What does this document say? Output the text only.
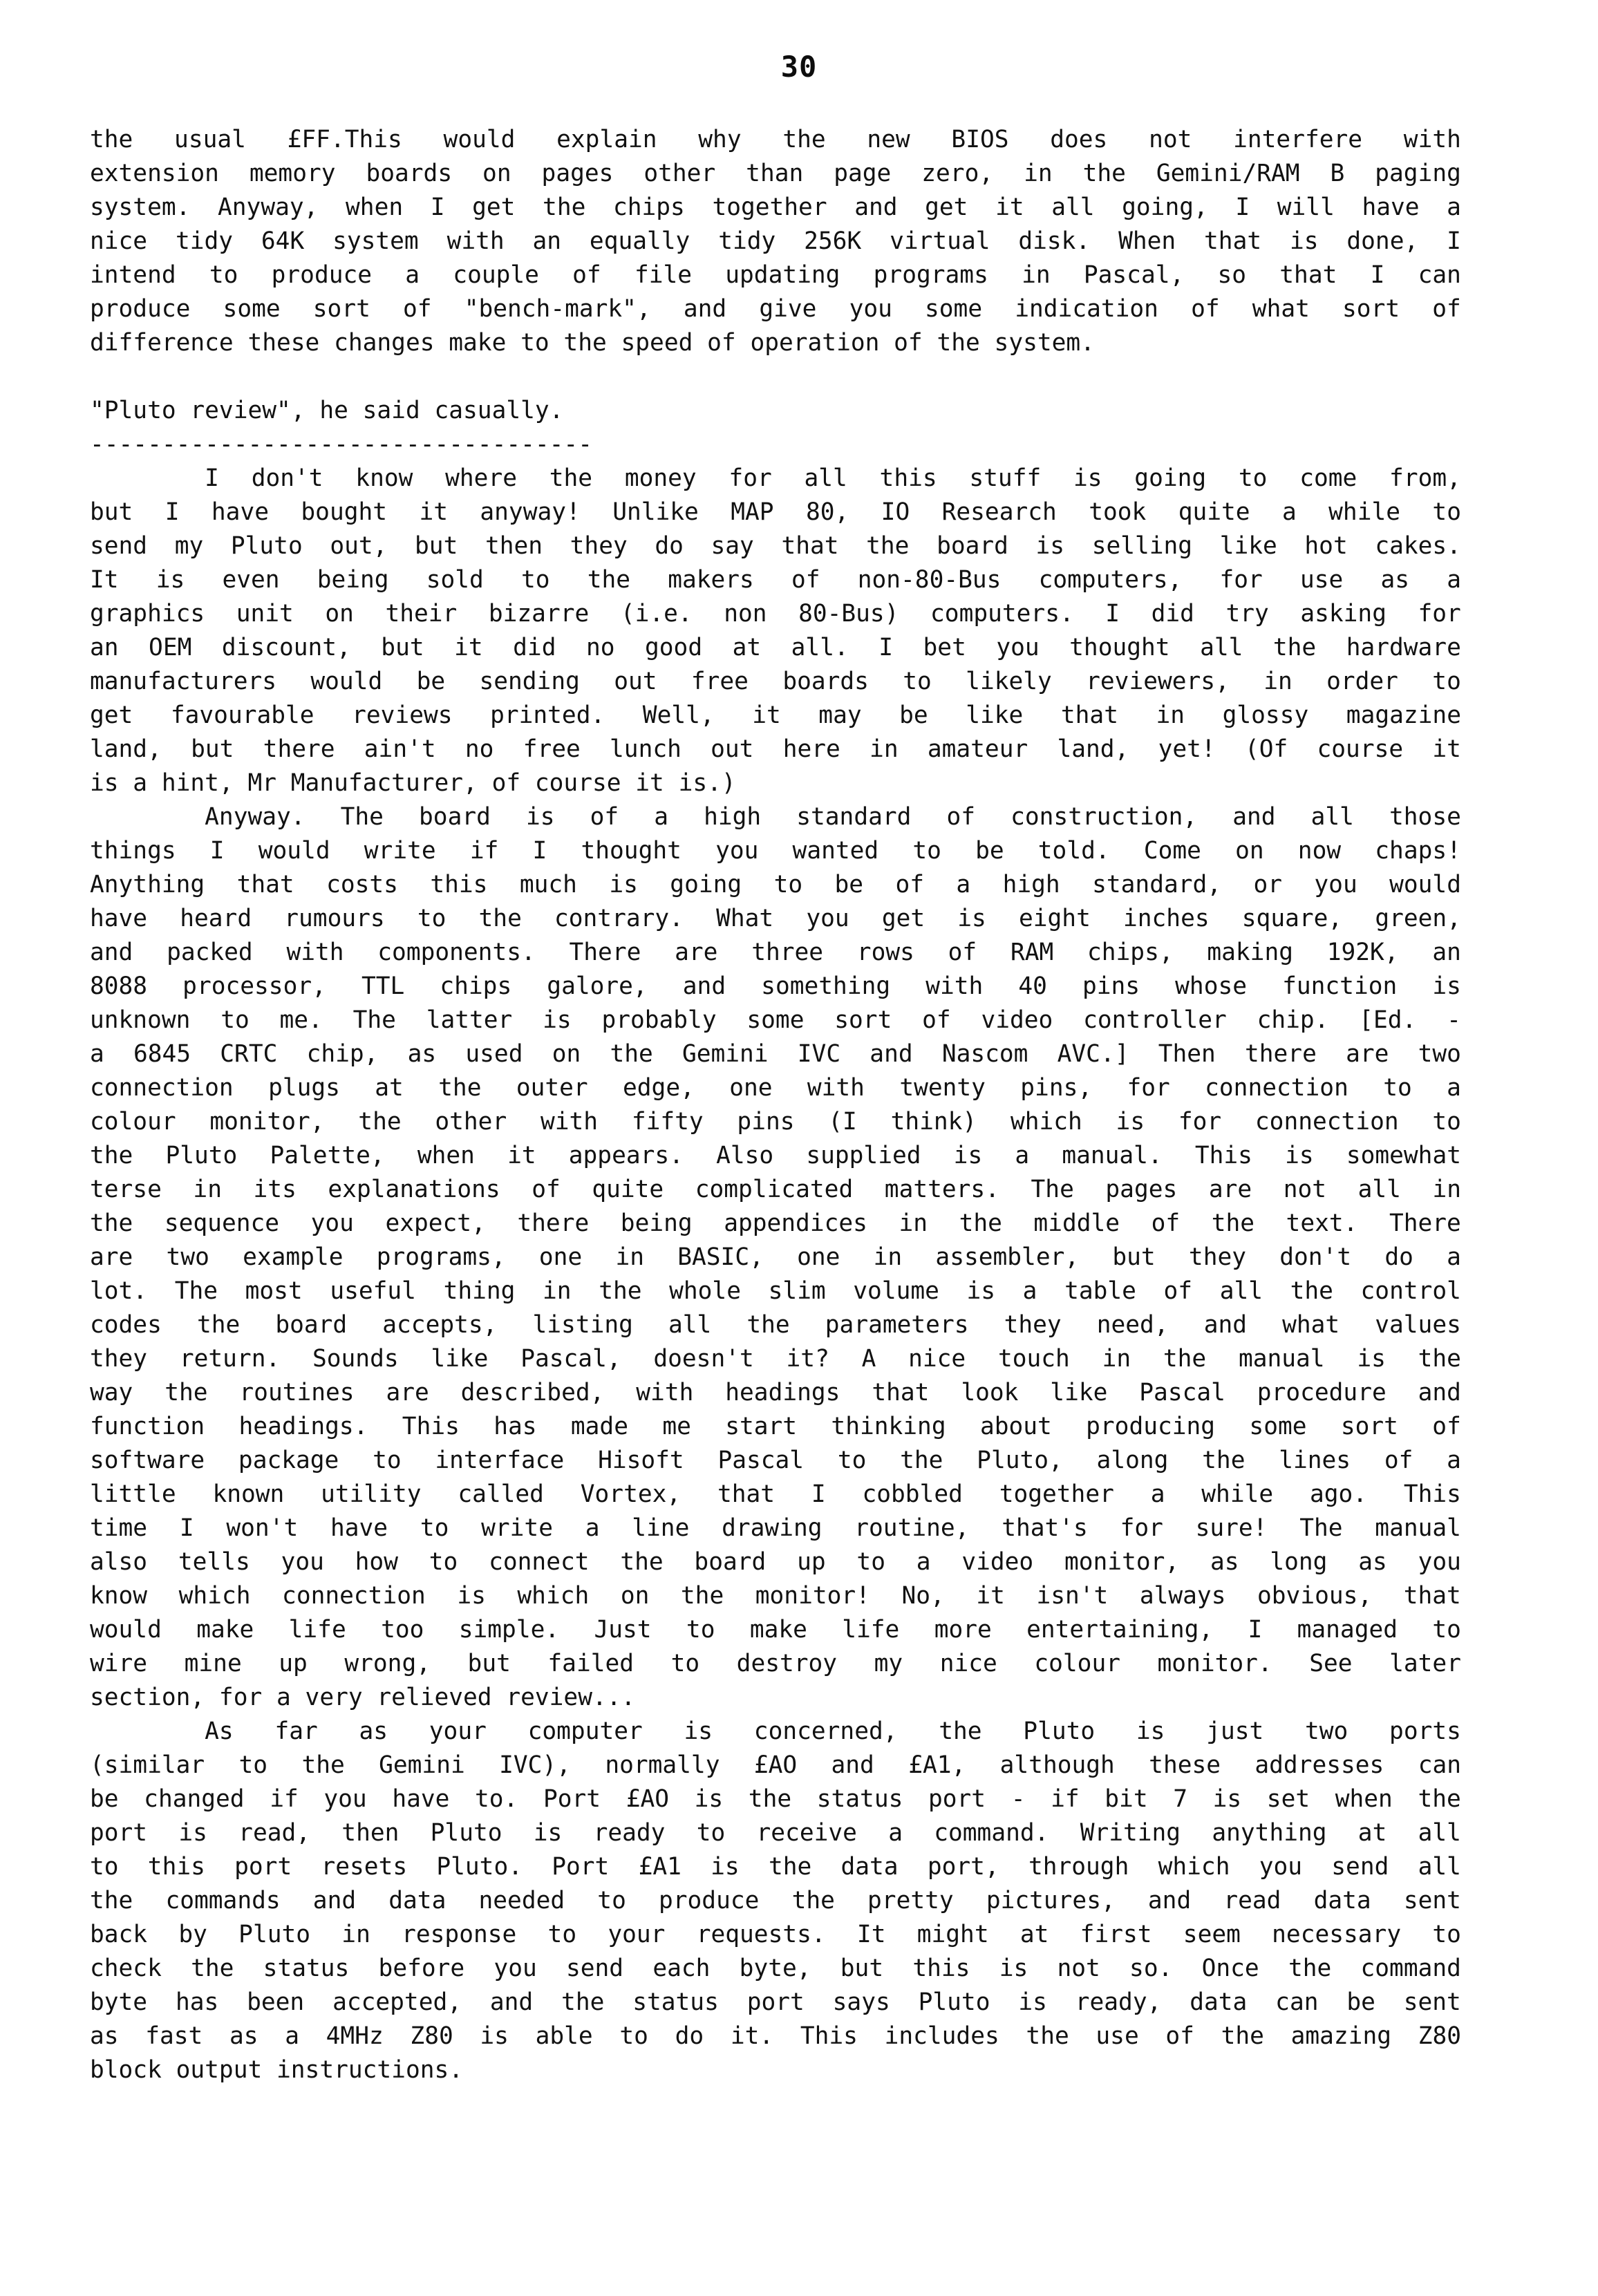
30
the usual £FF.This would explain why the new BIOS does not interfere with
extension memory boards on pages other than page zero, in the Gemini/RAM B paging
system. Anyway, when I get the chips together and get it all going, I will have a
nice tidy 64K system with an equally tidy 256K virtual disk. When that is done, I
intend to produce a couple of file updating programs in Pascal, so that I can
produce some sort of "bench-mark", and give you some indication of what sort of
difference these changes make to the speed of operation of the system.
"Pluto review", he said casually.
-----------------------------------
I don't know where the money for all this stuff is going to come from,
but I have bought it anyway! Unlike MAP 80, IO Research took quite a while to
send my Pluto out, but then they do say that the board is selling like hot cakes.
It is even being sold to the makers of non-80-Bus computers, for use as a
graphics unit on their bizarre (i.e. non 80-Bus) computers. I did try asking for
an OEM discount, but it did no good at all. I bet you thought all the hardware
manufacturers would be sending out free boards to likely reviewers, in order to
get favourable reviews printed. Well, it may be like that in glossy magazine
land, but there ain't no free lunch out here in amateur land, yet! (Of course it
is a hint, Mr Manufacturer, of course it is.)
Anyway. The board is of a high standard of construction, and all those
things I would write if I thought you wanted to be told. Come on now chaps!
Anything that costs this much is going to be of a high standard, or you would
have heard rumours to the contrary. What you get is eight inches square, green,
and packed with components. There are three rows of RAM chips, making 192K, an
8088 processor, TTL chips galore, and something with 40 pins whose function is
unknown to me. The latter is probably some sort of video controller chip. [Ed. -
a 6845 CRTC chip, as used on the Gemini IVC and Nascom AVC.] Then there are two
connection plugs at the outer edge, one with twenty pins, for connection to a
colour monitor, the other with fifty pins (I think) which is for connection to
the Pluto Palette, when it appears. Also supplied is a manual. This is somewhat
terse in its explanations of quite complicated matters. The pages are not all in
the sequence you expect, there being appendices in the middle of the text. There
are two example programs, one in BASIC, one in assembler, but they don't do a
lot. The most useful thing in the whole slim volume is a table of all the control
codes the board accepts, listing all the parameters they need, and what values
they return. Sounds like Pascal, doesn't it? A nice touch in the manual is the
way the routines are described, with headings that look like Pascal procedure and
function headings. This has made me start thinking about producing some sort of
software package to interface Hisoft Pascal to the Pluto, along the lines of a
little known utility called Vortex, that I cobbled together a while ago. This
time I won't have to write a line drawing routine, that's for sure! The manual
also tells you how to connect the board up to a video monitor, as long as you
know which connection is which on the monitor! No, it isn't always obvious, that
would make life too simple. Just to make life more entertaining, I managed to
wire mine up wrong, but failed to destroy my nice colour monitor. See later
section, for a very relieved review...
As far as your computer is concerned, the Pluto is just two ports
(similar to the Gemini IVC), normally £AO and £A1, although these addresses can
be changed if you have to. Port £AO is the status port - if bit 7 is set when the
port is read, then Pluto is ready to receive a command. Writing anything at all
to this port resets Pluto. Port £A1 is the data port, through which you send all
the commands and data needed to produce the pretty pictures, and read data sent
back by Pluto in response to your requests. It might at first seem necessary to
check the status before you send each byte, but this is not so. Once the command
byte has been accepted, and the status port says Pluto is ready, data can be sent
as fast as a 4MHz Z80 is able to do it. This includes the use of the amazing Z80
block output instructions.
